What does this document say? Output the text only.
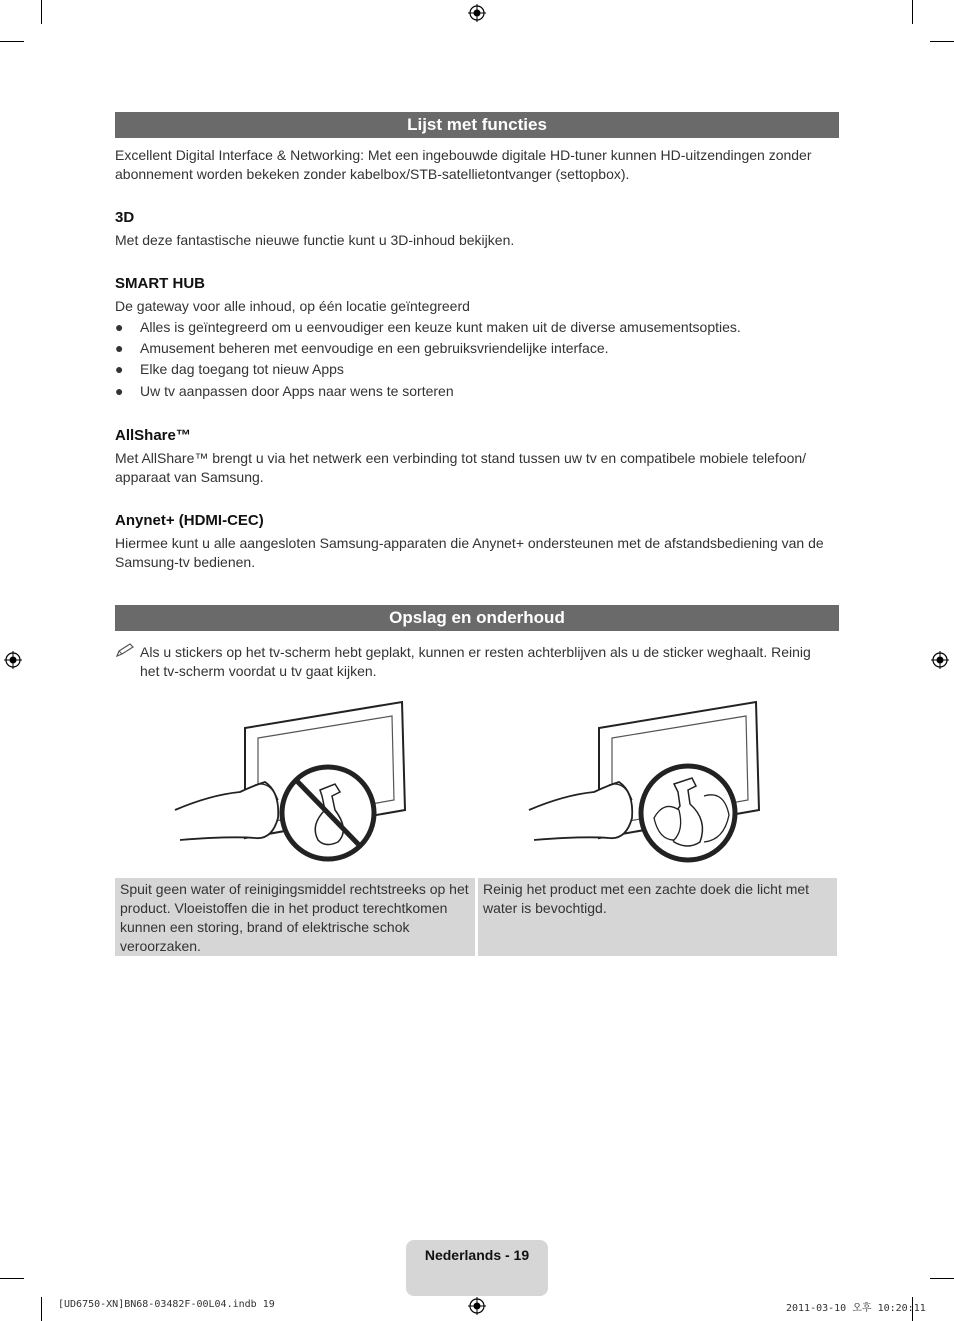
Lijst met functies
Excellent Digital Interface & Networking: Met een ingebouwde digitale HD-tuner kunnen HD-uitzendingen zonder abonnement worden bekeken zonder kabelbox/STB-satellietontvanger (settopbox).
3D
Met deze fantastische nieuwe functie kunt u 3D-inhoud bekijken.
SMART HUB
De gateway voor alle inhoud, op één locatie geïntegreerd
● Alles is geïntegreerd om u eenvoudiger een keuze kunt maken uit de diverse amusementsopties.
● Amusement beheren met eenvoudige en een gebruiksvriendelijke interface.
● Elke dag toegang tot nieuw Apps
● Uw tv aanpassen door Apps naar wens te sorteren
AllShare™
Met AllShare™ brengt u via het netwerk een verbinding tot stand tussen uw tv en compatibele mobiele telefoon/ apparaat van Samsung.
Anynet+ (HDMI-CEC)
Hiermee kunt u alle aangesloten Samsung-apparaten die Anynet+ ondersteunen met de afstandsbediening van de Samsung-tv bedienen.
Opslag en onderhoud
Als u stickers op het tv-scherm hebt geplakt, kunnen er resten achterblijven als u de sticker weghaalt. Reinig het tv-scherm voordat u tv gaat kijken.
Spuit geen water of reinigingsmiddel rechtstreeks op het product. Vloeistoffen die in het product terechtkomen kunnen een storing, brand of elektrische schok veroorzaken.
Reinig het product met een zachte doek die licht met water is bevochtigd.
Nederlands - 19
[UD6750-XN]BN68-03482F-00L04.indb 19	2011-03-10 오후 10:20:11
